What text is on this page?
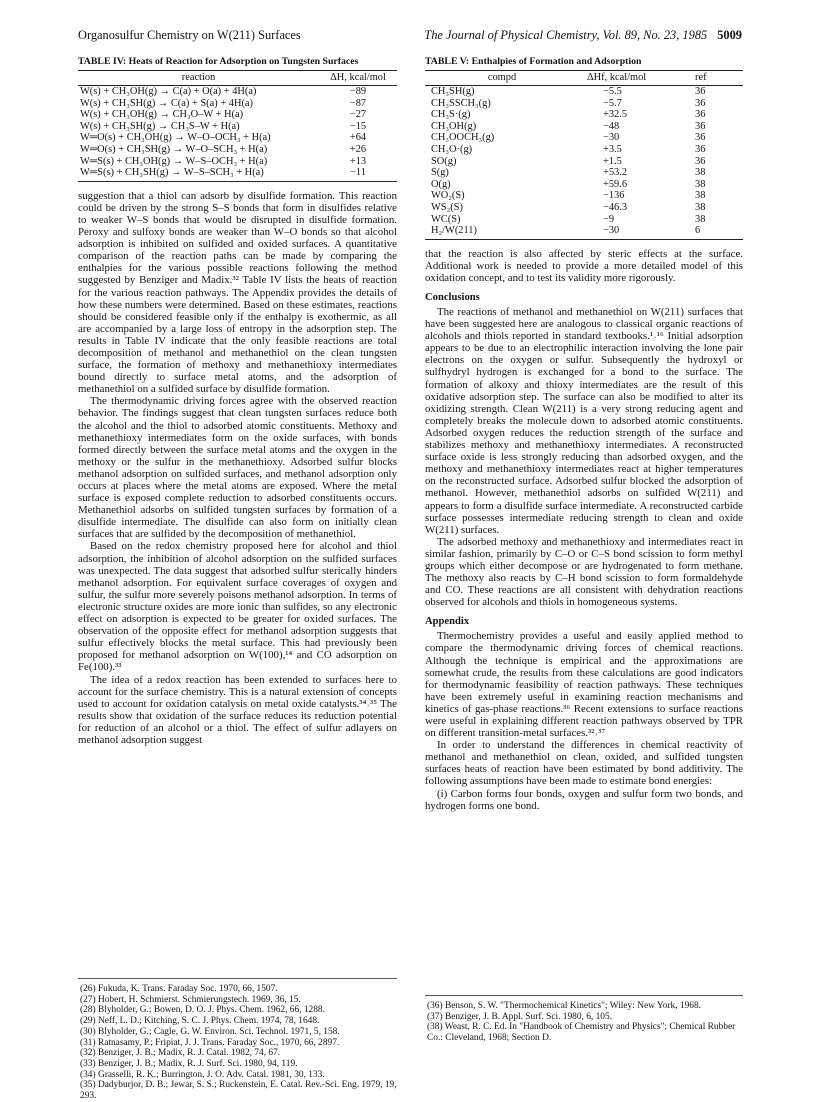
Organosulfur Chemistry on W(211) Surfaces	The Journal of Physical Chemistry, Vol. 89, No. 23, 1985 5009
TABLE IV: Heats of Reaction for Adsorption on Tungsten Surfaces
reaction	ΔH, kcal/mol
W(s) + CH₃OH(g) → C(a) + O(a) + 4H(a)	−89
W(s) + CH₃SH(g) → C(a) + S(a) + 4H(a)	−87
W(s) + CH₃OH(g) → CH₃O–W + H(a)	−27
W(s) + CH₃SH(g) → CH₃S–W + H(a)	−15
W═O(s) + CH₃OH(g) → W–O–OCH₃ + H(a)	+64
W═O(s) + CH₃SH(g) → W–O–SCH₃ + H(a)	+26
W═S(s) + CH₃OH(g) → W–S–OCH₃ + H(a)	+13
W═S(s) + CH₃SH(g) → W–S–SCH₃ + H(a)	−11

suggestion that a thiol can adsorb by disulfide formation. This reaction could be driven by the strong S–S bonds that form in disulfides relative to weaker W–S bonds that would be disrupted in disulfide formation. Peroxy and sulfoxy bonds are weaker than W–O bonds so that alcohol adsorption is inhibited on sulfided and oxided surfaces. A quantitative comparison of the reaction paths can be made by comparing the enthalpies for the various possible reactions following the method suggested by Benziger and Madix.³² Table IV lists the heats of reaction for the various reaction pathways. The Appendix provides the details of how these numbers were determined. Based on these estimates, reactions should be considered feasible only if the enthalpy is exothermic, as all are accompanied by a large loss of entropy in the adsorption step. The results in Table IV indicate that the only feasible reactions are total decomposition of methanol and methanethiol on the clean tungsten surface, the formation of methoxy and methanethioxy intermediates bound directly to surface metal atoms, and the adsorption of methanethiol on a sulfided surface by disulfide formation.

The thermodynamic driving forces agree with the observed reaction behavior. The findings suggest that clean tungsten surfaces reduce both the alcohol and the thiol to adsorbed atomic constituents. Methoxy and methanethioxy intermediates form on the oxide surfaces, with bonds formed directly between the surface metal atoms and the oxygen in the methoxy or the sulfur in the methanethioxy. Adsorbed sulfur blocks methanol adsorption on sulfided surfaces, and methanol adsorption only occurs at places where the metal atoms are exposed. Where the metal surface is exposed complete reduction to adsorbed constituents occurs. Methanethiol adsorbs on sulfided tungsten surfaces by formation of a disulfide intermediate. The disulfide can also form on initially clean surfaces that are sulfided by the decomposition of methanethiol.

Based on the redox chemistry proposed here for alcohol and thiol adsorption, the inhibition of alcohol adsorption on the sulfided surfaces was unexpected. The data suggest that adsorbed sulfur sterically hinders methanol adsorption. For equivalent surface coverages of oxygen and sulfur, the sulfur more severely poisons methanol adsorption. In terms of electronic structure oxides are more ionic than sulfides, so any electronic effect on adsorption is expected to be greater for oxided surfaces. The observation of the opposite effect for methanol adsorption suggests that sulfur effectively blocks the metal surface. This had previously been proposed for methanol adsorption on W(100),¹⁴ and CO adsorption on Fe(100).³³

The idea of a redox reaction has been extended to surfaces here to account for the surface chemistry. This is a natural extension of concepts used to account for oxidation catalysis on metal oxide catalysts.³⁴˒³⁵ The results show that oxidation of the surface reduces its reduction potential for reduction of an alcohol or a thiol. The effect of sulfur adlayers on methanol adsorption suggest

TABLE V: Enthalpies of Formation and Adsorption
compd	ΔHf, kcal/mol	ref
CH₃SH(g)	−5.5	36
CH₃SSCH₃(g)	−5.7	36
CH₃S·(g)	+32.5	36
CH₃OH(g)	−48	36
CH₃OOCH₃(g)	−30	36
CH₃O·(g)	+3.5	36
SO(g)	+1.5	36
S(g)	+53.2	38
O(g)	+59.6	38
WO₂(S)	−136	38
WS₂(S)	−46.3	38
WC(S)	−9	38
H₂/W(211)	−30	6

that the reaction is also affected by steric effects at the surface. Additional work is needed to provide a more detailed model of this oxidation concept, and to test its validity more rigorously.

Conclusions

The reactions of methanol and methanethiol on W(211) surfaces that have been suggested here are analogous to classical organic reactions of alcohols and thiols reported in standard textbooks.¹˒¹⁶ Initial adsorption appears to be due to an electrophilic interaction involving the lone pair electrons on the oxygen or sulfur. Subsequently the hydroxyl or sulfhydryl hydrogen is exchanged for a bond to the surface. The formation of alkoxy and thioxy intermediates are the result of this oxidative adsorption step. The surface can also be modified to alter its oxidizing strength. Clean W(211) is a very strong reducing agent and completely breaks the molecule down to adsorbed atomic constituents. Adsorbed oxygen reduces the reduction strength of the surface and stabilizes methoxy and methanethioxy intermediates. A reconstructed surface oxide is less strongly reducing than adsorbed oxygen, and the methoxy and methanethioxy intermediates react at higher temperatures on the reconstructed surface. Adsorbed sulfur blocked the adsorption of methanol. However, methanethiol adsorbs on sulfided W(211) and appears to form a disulfide surface intermediate. A reconstructed carbide surface possesses intermediate reducing strength to clean and oxide W(211) surfaces.

The adsorbed methoxy and methanethioxy and intermediates react in similar fashion, primarily by C–O or C–S bond scission to form methyl groups which either decompose or are hydrogenated to form methane. The methoxy also reacts by C–H bond scission to form formaldehyde and CO. These reactions are all consistent with dehydration reactions observed for alcohols and thiols in homogeneous systems.

Appendix

Thermochemistry provides a useful and easily applied method to compare the thermodynamic driving forces of chemical reactions. Although the technique is empirical and the approximations are somewhat crude, the results from these calculations are good indicators for thermodynamic feasibility of reaction pathways. These techniques have been extremely useful in examining reaction mechanisms and kinetics of gas-phase reactions.³⁶ Recent extensions to surface reactions were useful in explaining different reaction pathways observed by TPR on different transition-metal surfaces.³²˒³⁷

In order to understand the differences in chemical reactivity of methanol and methanethiol on clean, oxided, and sulfided tungsten surfaces heats of reaction have been estimated by bond additivity. The following assumptions have been made to estimate bond energies:

(i) Carbon forms four bonds, oxygen and sulfur form two bonds, and hydrogen forms one bond.

(26) Fukuda, K. Trans. Faraday Soc. 1970, 66, 1507.
(27) Hobert, H. Schmierst. Schmierungstech. 1969, 36, 15.
(28) Blyholder, G.; Bowen, D. O. J. Phys. Chem. 1962, 66, 1288.
(29) Neff, L. D.; Kitching, S. C. J. Phys. Chem. 1974, 78, 1648.
(30) Blyholder, G.; Cagle, G. W. Environ. Sci. Technol. 1971, 5, 158.
(31) Ratnasamy, P.; Fripiat, J. J. Trans. Faraday Soc., 1970, 66, 2897.
(32) Benziger, J. B.; Madix, R. J. Catal. 1982, 74, 67.
(33) Benziger, J. B.; Madix, R. J. Surf. Sci. 1980, 94, 119.
(34) Grasselli, R. K.; Burrington, J. O. Adv. Catal. 1981, 30, 133.
(35) Dadyburjor, D. B.; Jewar, S. S.; Ruckenstein, E. Catal. Rev.-Sci. Eng. 1979, 19, 293.
(36) Benson, S. W. "Thermochemical Kinetics"; Wiley: New York, 1968.
(37) Benziger, J. B. Appl. Surf. Sci. 1980, 6, 105.
(38) Weast, R. C. Ed. In "Handbook of Chemistry and Physics"; Chemical Rubber Co.: Cleveland, 1968; Section D.
